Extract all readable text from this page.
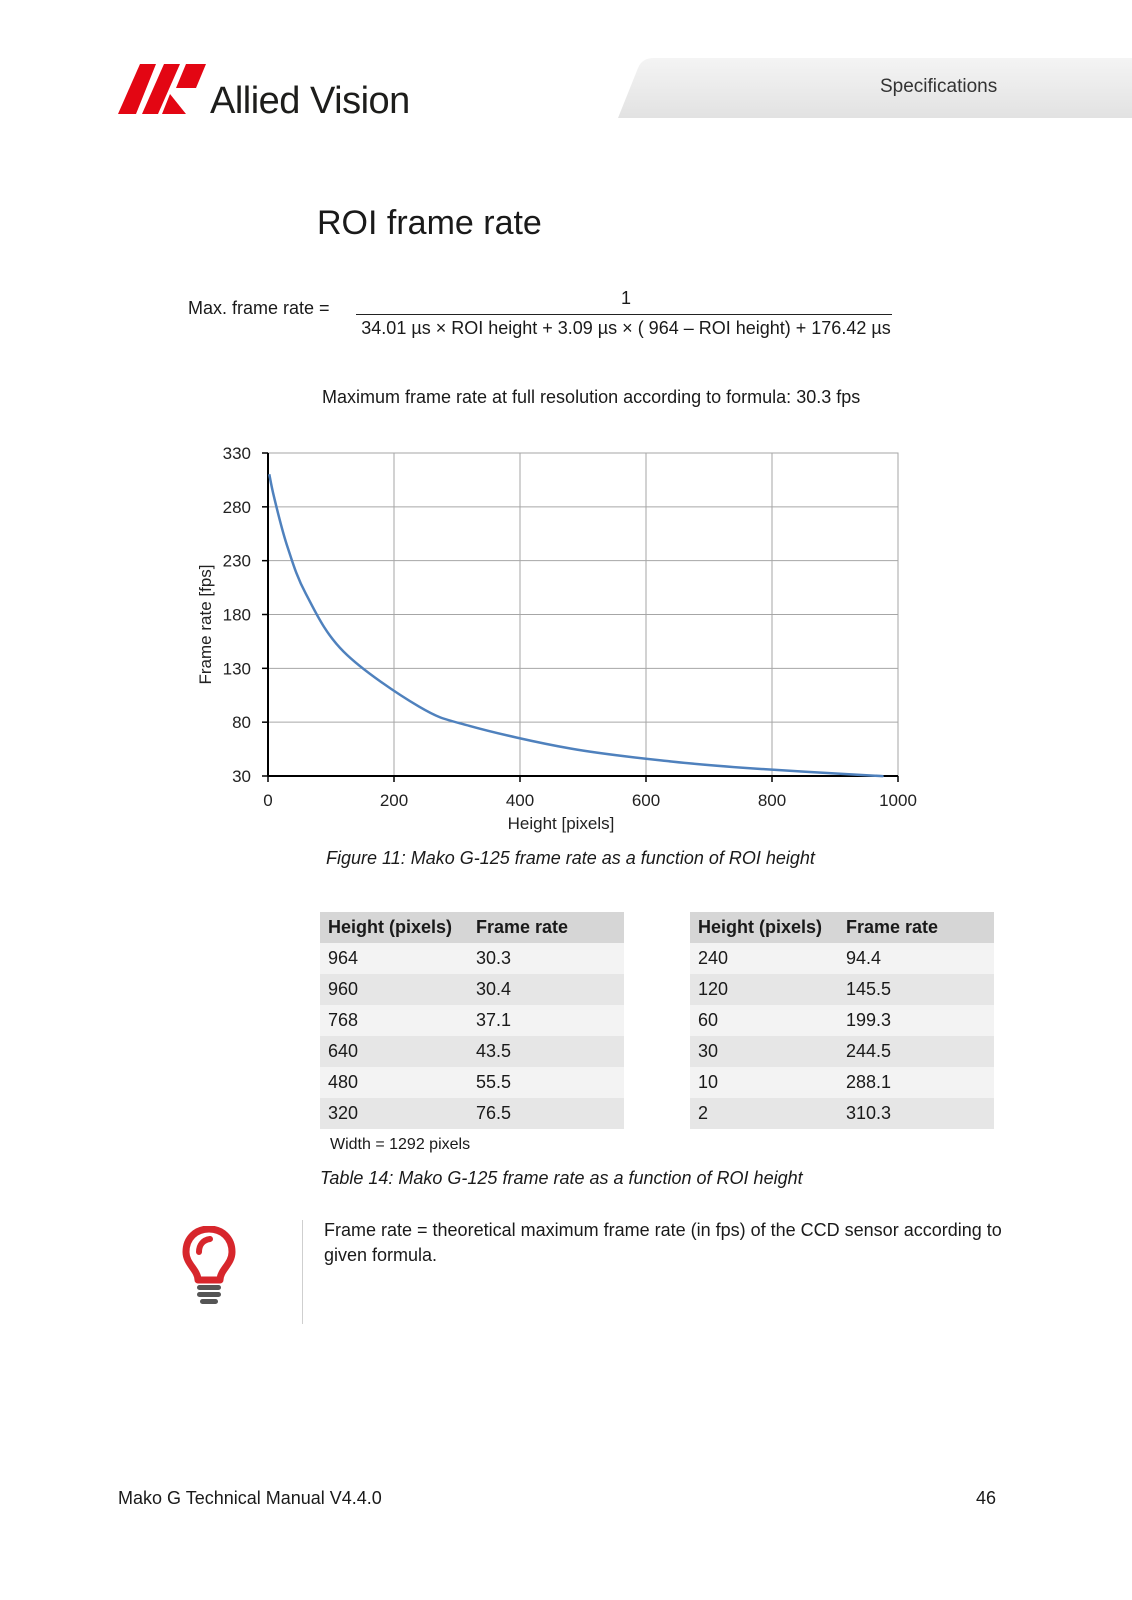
Allied Vision	Specifications
ROI frame rate
Max. frame rate =	1
34.01 µs × ROI height + 3.09 µs × ( 964 – ROI height) + 176.42 µs
Maximum frame rate at full resolution according to formula: 30.3 fps
30
80
130
180
230
280
330
0	200	400	600	800	1000
Height [pixels]
Frame rate [fps]
Figure 11: Mako G-125 frame rate as a function of ROI height
Height (pixels)	Frame rate
964	30.3
960	30.4
768	37.1
640	43.5
480	55.5
320	76.5
Height (pixels)	Frame rate
240	94.4
120	145.5
60	199.3
30	244.5
10	288.1
2	310.3
Width = 1292 pixels
Table 14: Mako G-125 frame rate as a function of ROI height
Frame rate = theoretical maximum frame rate (in fps) of the CCD sensor according to given formula.
Mako G Technical Manual V4.4.0	46
